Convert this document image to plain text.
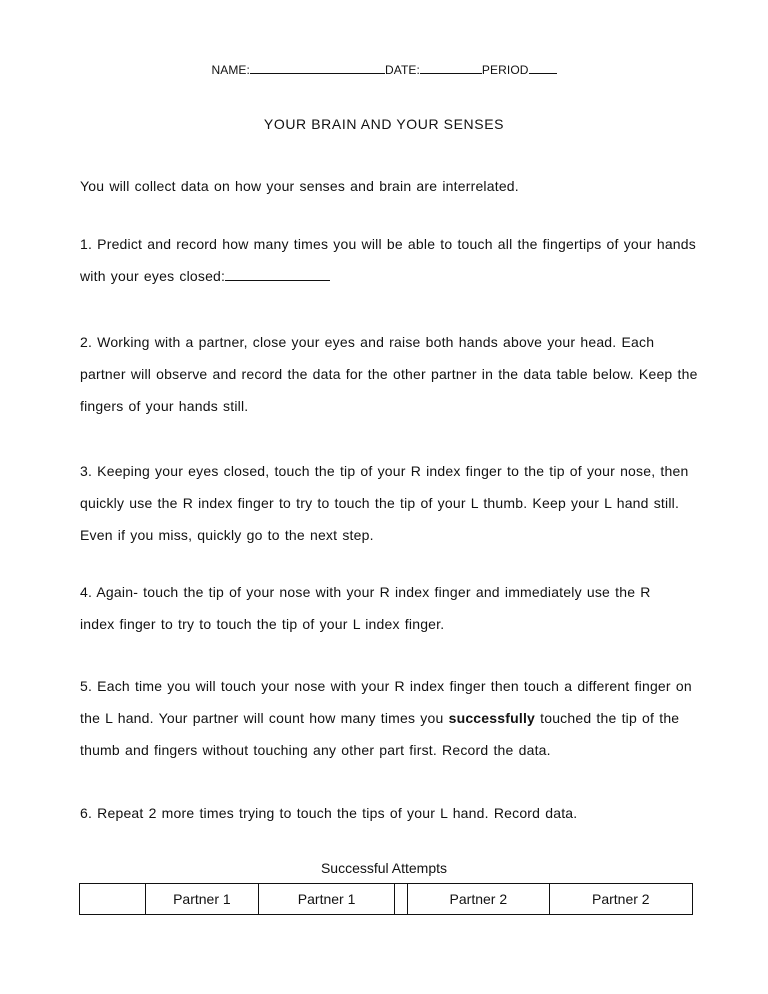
NAME:	DATE:	PERIOD
YOUR BRAIN AND YOUR SENSES

You will collect data on how your senses and brain are interrelated.

1. Predict and record how many times you will be able to touch all the fingertips of your hands

with your eyes closed:

2. Working with a partner, close your eyes and raise both hands above your head. Each

partner will observe and record the data for the other partner in the data table below. Keep the

fingers of your hands still.

3. Keeping your eyes closed, touch the tip of your R index finger to the tip of your nose, then

quickly use the R index finger to try to touch the tip of your L thumb. Keep your L hand still.

Even if you miss, quickly go to the next step.

4. Again- touch the tip of your nose with your R index finger and immediately use the R

index finger to try to touch the tip of your L index finger.

5. Each time you will touch your nose with your R index finger then touch a different finger on

the L hand. Your partner will count how many times you successfully touched the tip of the

thumb and fingers without touching any other part first. Record the data.

6. Repeat 2 more times trying to touch the tips of your L hand. Record data.

Successful Attempts
	Partner 1	Partner 1		Partner 2	Partner 2
